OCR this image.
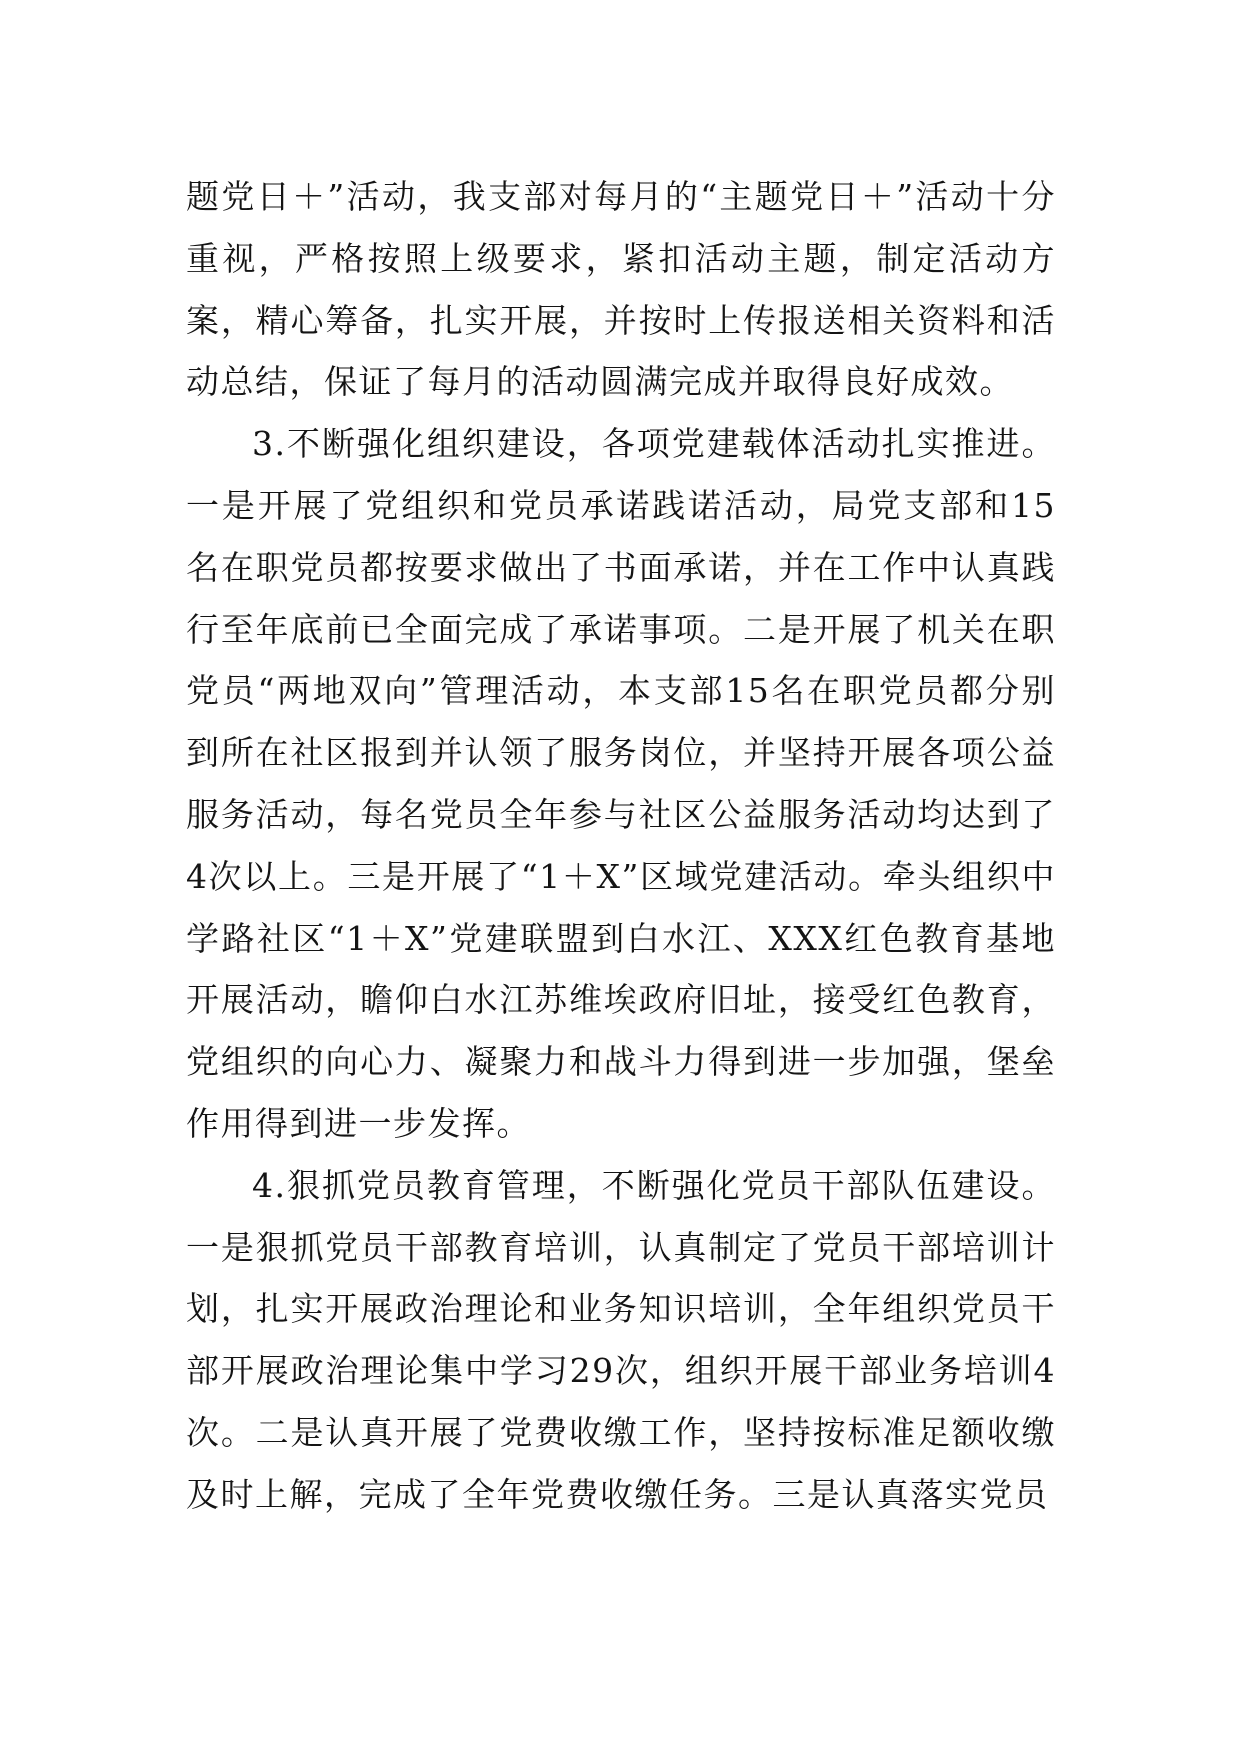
题党日＋”活动，我支部对每月的“主题党日＋”活动十分重视，严格按照上级要求，紧扣活动主题，制定活动方案，精心筹备，扎实开展，并按时上传报送相关资料和活动总结，保证了每月的活动圆满完成并取得良好成效。

3.不断强化组织建设，各项党建载体活动扎实推进。一是开展了党组织和党员承诺践诺活动，局党支部和15名在职党员都按要求做出了书面承诺，并在工作中认真践行至年底前已全面完成了承诺事项。二是开展了机关在职党员“两地双向”管理活动，本支部15名在职党员都分别到所在社区报到并认领了服务岗位，并坚持开展各项公益服务活动，每名党员全年参与社区公益服务活动均达到了4次以上。三是开展了“1＋X”区域党建活动。牵头组织中学路社区“1＋X”党建联盟到白水江、XXX红色教育基地开展活动，瞻仰白水江苏维埃政府旧址，接受红色教育，党组织的向心力、凝聚力和战斗力得到进一步加强，堡垒作用得到进一步发挥。

4.狠抓党员教育管理，不断强化党员干部队伍建设。一是狠抓党员干部教育培训，认真制定了党员干部培训计划，扎实开展政治理论和业务知识培训，全年组织党员干部开展政治理论集中学习29次，组织开展干部业务培训4次。二是认真开展了党费收缴工作，坚持按标准足额收缴及时上解，完成了全年党费收缴任务。三是认真落实党员
